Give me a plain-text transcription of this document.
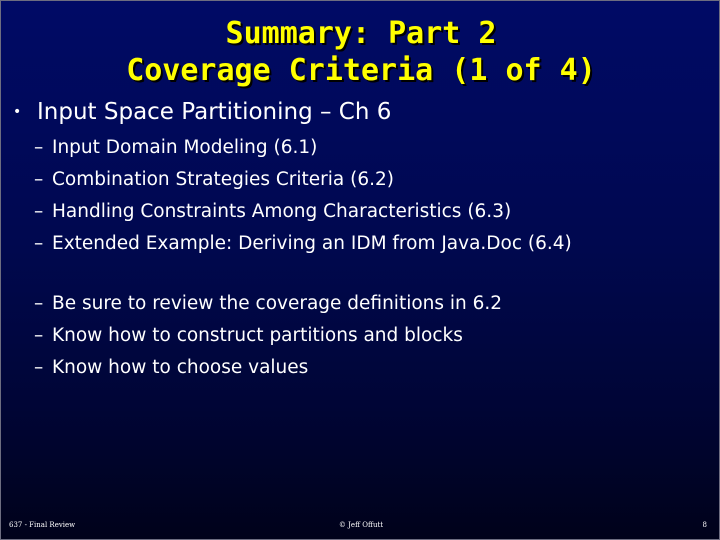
Summary: Part 2
Coverage Criteria (1 of 4)
• Input Space Partitioning – Ch 6
– Input Domain Modeling (6.1)
– Combination Strategies Criteria (6.2)
– Handling Constraints Among Characteristics (6.3)
– Extended Example: Deriving an IDM from Java.Doc (6.4)
– Be sure to review the coverage definitions in 6.2
– Know how to construct partitions and blocks
– Know how to choose values
637 - Final Review	© Jeff Offutt	8
